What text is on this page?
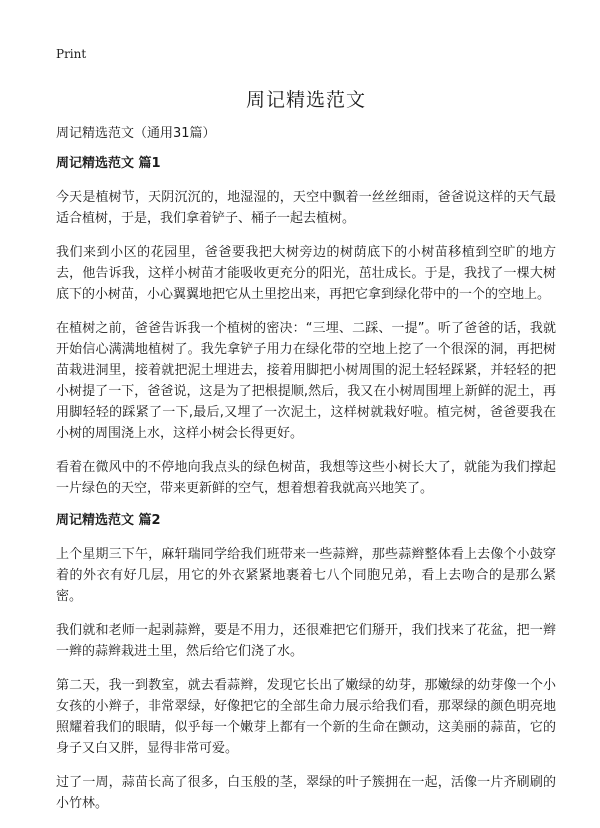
Print

周记精选范文

周记精选范文（通用31篇）

周记精选范文 篇1

今天是植树节，天阴沉沉的，地湿湿的，天空中飘着一丝丝细雨，爸爸说这样的天气最适合植树，于是，我们拿着铲子、桶子一起去植树。

我们来到小区的花园里，爸爸要我把大树旁边的树荫底下的小树苗移植到空旷的地方去，他告诉我，这样小树苗才能吸收更充分的阳光，茁壮成长。于是，我找了一棵大树底下的小树苗，小心翼翼地把它从土里挖出来，再把它拿到绿化带中的一个的空地上。

在植树之前，爸爸告诉我一个植树的密决：“三埋、二踩、一提”。听了爸爸的话，我就开始信心满满地植树了。我先拿铲子用力在绿化带的空地上挖了一个很深的洞，再把树苗栽进洞里，接着就把泥土埋进去，接着用脚把小树周围的泥土轻轻踩紧，并轻轻的把小树提了一下，爸爸说，这是为了把根提顺,然后，我又在小树周围埋上新鲜的泥土，再用脚轻轻的踩紧了一下,最后,又埋了一次泥土，这样树就栽好啦。植完树，爸爸要我在小树的周围浇上水，这样小树会长得更好。

看着在微风中的不停地向我点头的绿色树苗，我想等这些小树长大了，就能为我们撑起一片绿色的天空，带来更新鲜的空气，想着想着我就高兴地笑了。

周记精选范文 篇2

上个星期三下午，麻轩瑞同学给我们班带来一些蒜辫，那些蒜辫整体看上去像个小鼓穿着的外衣有好几层，用它的外衣紧紧地裹着七八个同胞兄弟，看上去吻合的是那么紧密。

我们就和老师一起剥蒜辫，要是不用力，还很难把它们掰开，我们找来了花盆，把一辫一辫的蒜辫栽进土里，然后给它们浇了水。

第二天，我一到教室，就去看蒜辫，发现它长出了嫩绿的幼芽，那嫩绿的幼芽像一个小女孩的小辫子，非常翠绿，好像把它的全部生命力展示给我们看，那翠绿的颜色明亮地照耀着我们的眼睛，似乎每一个嫩芽上都有一个新的生命在颤动，这美丽的蒜苗，它的身子又白又胖，显得非常可爱。

过了一周，蒜苗长高了很多，白玉般的茎，翠绿的叶子簇拥在一起，活像一片齐刷刷的小竹林。
